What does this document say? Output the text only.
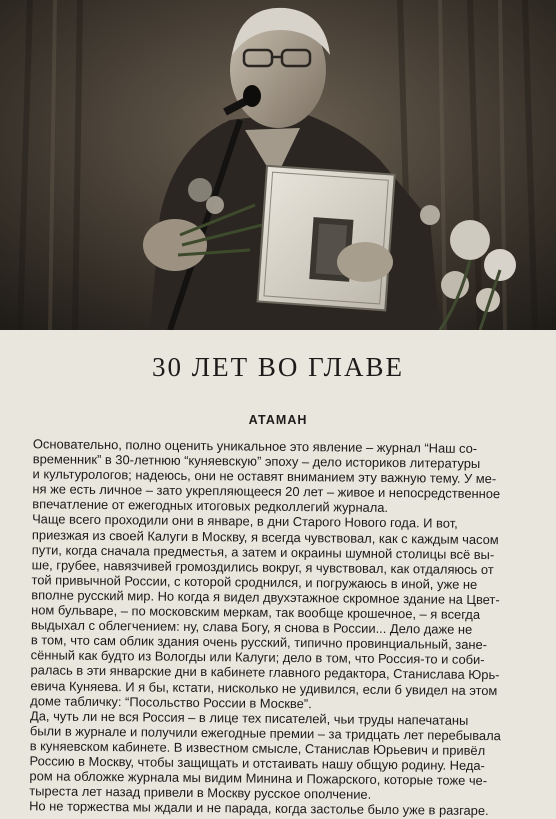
30 ЛЕТ ВО ГЛАВЕ
АТАМАН

Основательно, полно оценить уникальное это явление – журнал “Наш со-
временник” в 30-летнюю “куняевскую” эпоху – дело историков литературы
и культурологов; надеюсь, они не оставят вниманием эту важную тему. У ме-
ня же есть личное – зато укрепляющееся 20 лет – живое и непосредственное
впечатление от ежегодных итоговых редколлегий журнала.

Чаще всего проходили они в январе, в дни Старого Нового года. И вот,
приезжая из своей Калуги в Москву, я всегда чувствовал, как с каждым часом
пути, когда сначала предместья, а затем и окраины шумной столицы всё вы-
ше, грубее, навязчивей громоздились вокруг, я чувствовал, как отдаляюсь от
той привычной России, с которой сроднился, и погружаюсь в иной, уже не
вполне русский мир. Но когда я видел двухэтажное скромное здание на Цвет-
ном бульваре, – по московским меркам, так вообще крошечное, – я всегда
выдыхал с облегчением: ну, слава Богу, я снова в России... Дело даже не
в том, что сам облик здания очень русский, типично провинциальный, зане-
сённый как будто из Вологды или Калуги; дело в том, что Россия-то и соби-
ралась в эти январские дни в кабинете главного редактора, Станислава Юрь-
евича Куняева. И я бы, кстати, нисколько не удивился, если б увидел на этом
доме табличку: “Посольство России в Москве”.

Да, чуть ли не вся Россия – в лице тех писателей, чьи труды напечатаны
были в журнале и получили ежегодные премии – за тридцать лет перебывала
в куняевском кабинете. В известном смысле, Станислав Юрьевич и привёл
Россию в Москву, чтобы защищать и отстаивать нашу общую родину. Неда-
ром на обложке журнала мы видим Минина и Пожарского, которые тоже че-
тыреста лет назад привели в Москву русское ополчение.
Но не торжества мы ждали и не парада, когда застолье было уже в разгаре.
